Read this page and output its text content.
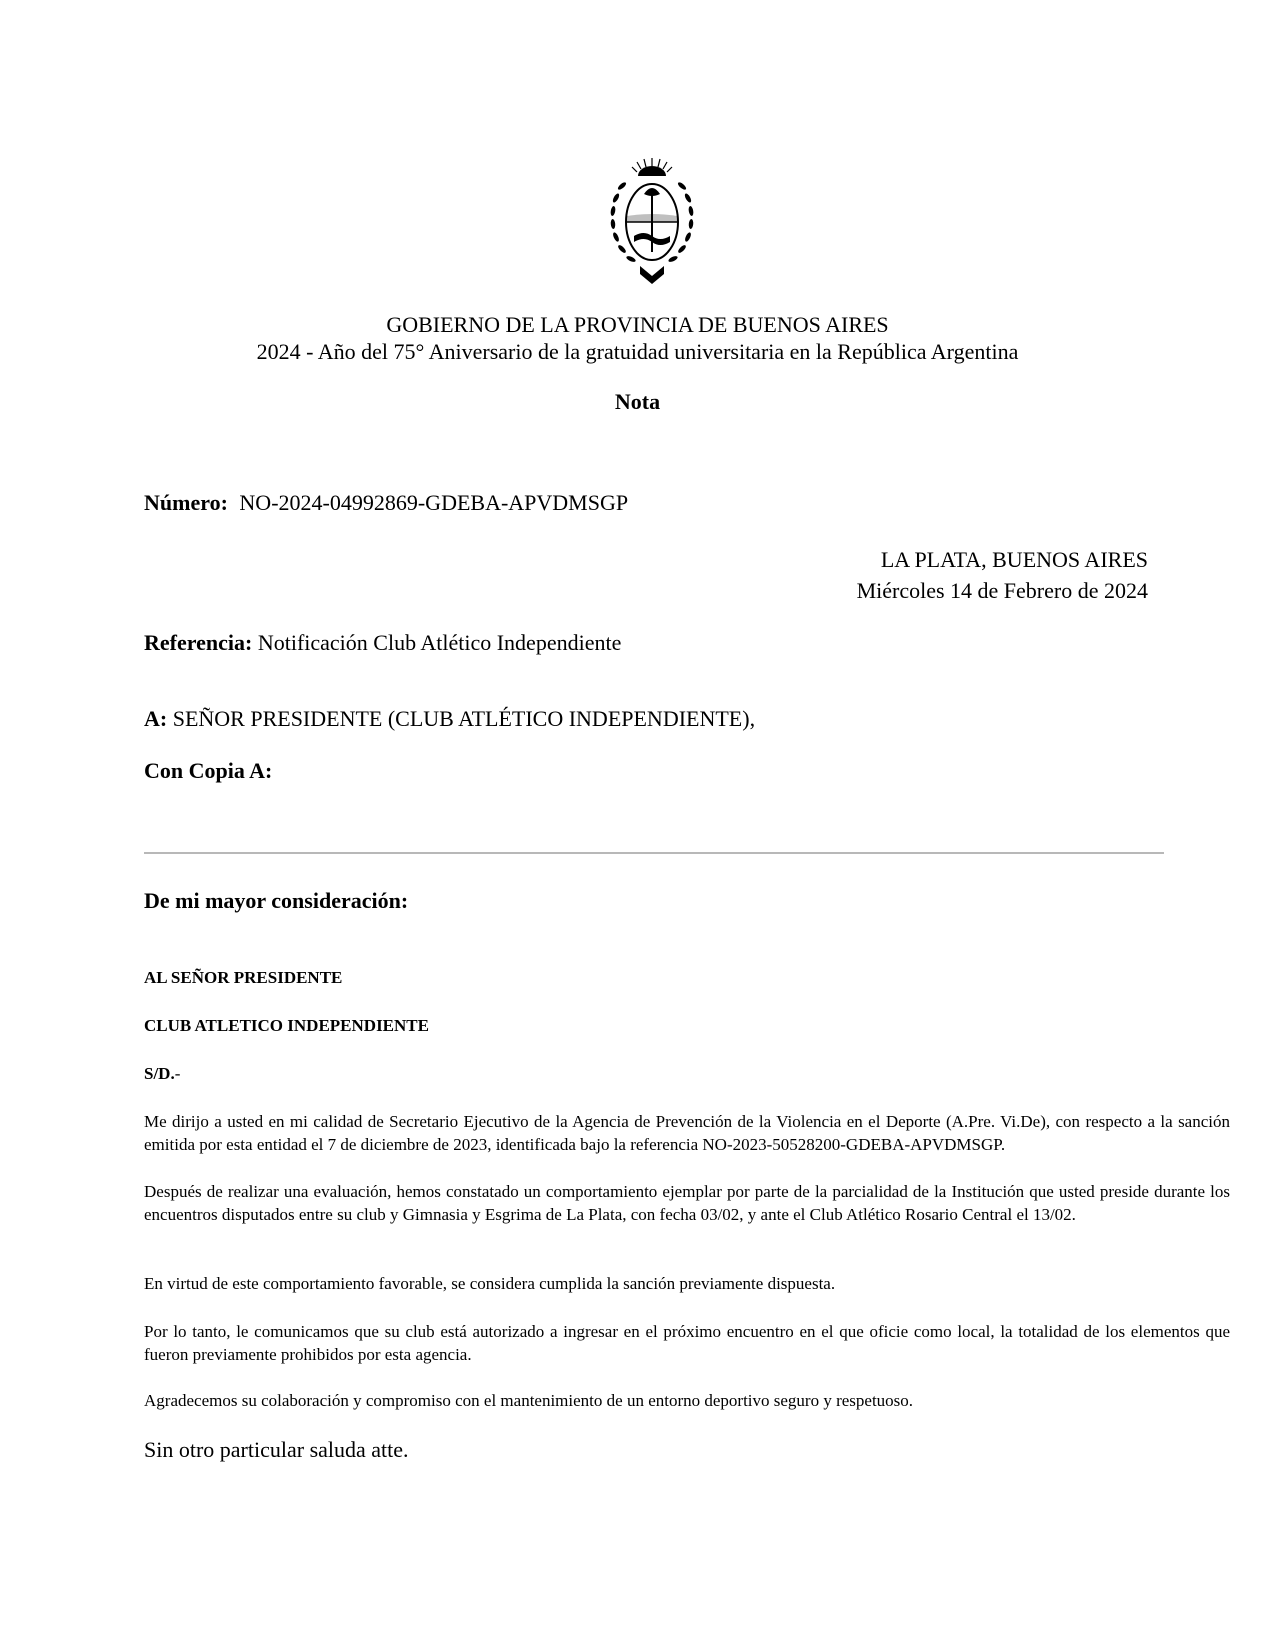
GOBIERNO DE LA PROVINCIA DE BUENOS AIRES
2024 - Año del 75° Aniversario de la gratuidad universitaria en la República Argentina
Nota
Número: NO-2024-04992869-GDEBA-APVDMSGP
LA PLATA, BUENOS AIRES
Miércoles 14 de Febrero de 2024
Referencia: Notificación Club Atlético Independiente
A: SEÑOR PRESIDENTE (CLUB ATLÉTICO INDEPENDIENTE),
Con Copia A:
De mi mayor consideración:
AL SEÑOR PRESIDENTE
CLUB ATLETICO INDEPENDIENTE
S/D.-
Me dirijo a usted en mi calidad de Secretario Ejecutivo de la Agencia de Prevención de la Violencia en el Deporte (A.Pre. Vi.De), con respecto a la sanción emitida por esta entidad el 7 de diciembre de 2023, identificada bajo la referencia NO-2023-50528200-GDEBA-APVDMSGP.
Después de realizar una evaluación, hemos constatado un comportamiento ejemplar por parte de la parcialidad de la Institución que usted preside durante los encuentros disputados entre su club y Gimnasia y Esgrima de La Plata, con fecha 03/02, y ante el Club Atlético Rosario Central el 13/02.
En virtud de este comportamiento favorable, se considera cumplida la sanción previamente dispuesta.
Por lo tanto, le comunicamos que su club está autorizado a ingresar en el próximo encuentro en el que oficie como local, la totalidad de los elementos que fueron previamente prohibidos por esta agencia.
Agradecemos su colaboración y compromiso con el mantenimiento de un entorno deportivo seguro y respetuoso.
Sin otro particular saluda atte.
